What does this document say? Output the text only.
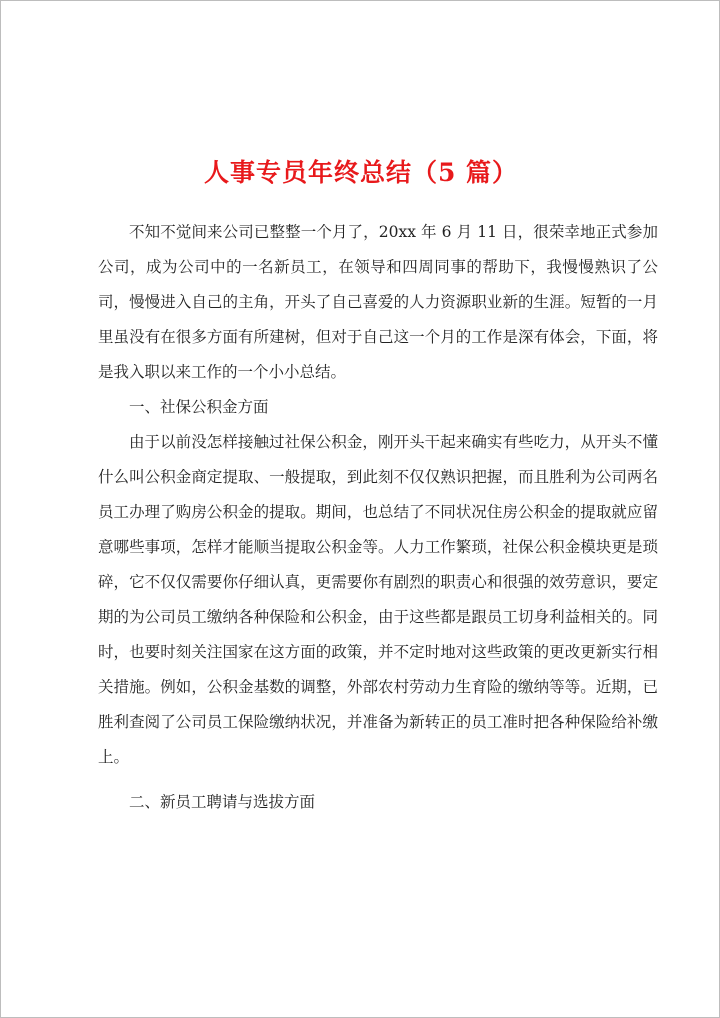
人事专员年终总结（5 篇）

不知不觉间来公司已整整一个月了，20xx 年 6 月 11 日，很荣幸地正式参加公司，成为公司中的一名新员工，在领导和四周同事的帮助下，我慢慢熟识了公司，慢慢进入自己的主角，开头了自己喜爱的人力资源职业新的生涯。短暂的一月里虽没有在很多方面有所建树，但对于自己这一个月的工作是深有体会，下面，将是我入职以来工作的一个小小总结。

一、社保公积金方面

由于以前没怎样接触过社保公积金，刚开头干起来确实有些吃力，从开头不懂什么叫公积金商定提取、一般提取，到此刻不仅仅熟识把握，而且胜利为公司两名员工办理了购房公积金的提取。期间，也总结了不同状况住房公积金的提取就应留意哪些事项，怎样才能顺当提取公积金等。人力工作繁琐，社保公积金模块更是琐碎，它不仅仅需要你仔细认真，更需要你有剧烈的职责心和很强的效劳意识，要定期的为公司员工缴纳各种保险和公积金，由于这些都是跟员工切身利益相关的。同时，也要时刻关注国家在这方面的政策，并不定时地对这些政策的更改更新实行相关措施。例如，公积金基数的调整，外部农村劳动力生育险的缴纳等等。近期，已胜利查阅了公司员工保险缴纳状况，并准备为新转正的员工准时把各种保险给补缴上。

二、新员工聘请与选拔方面
